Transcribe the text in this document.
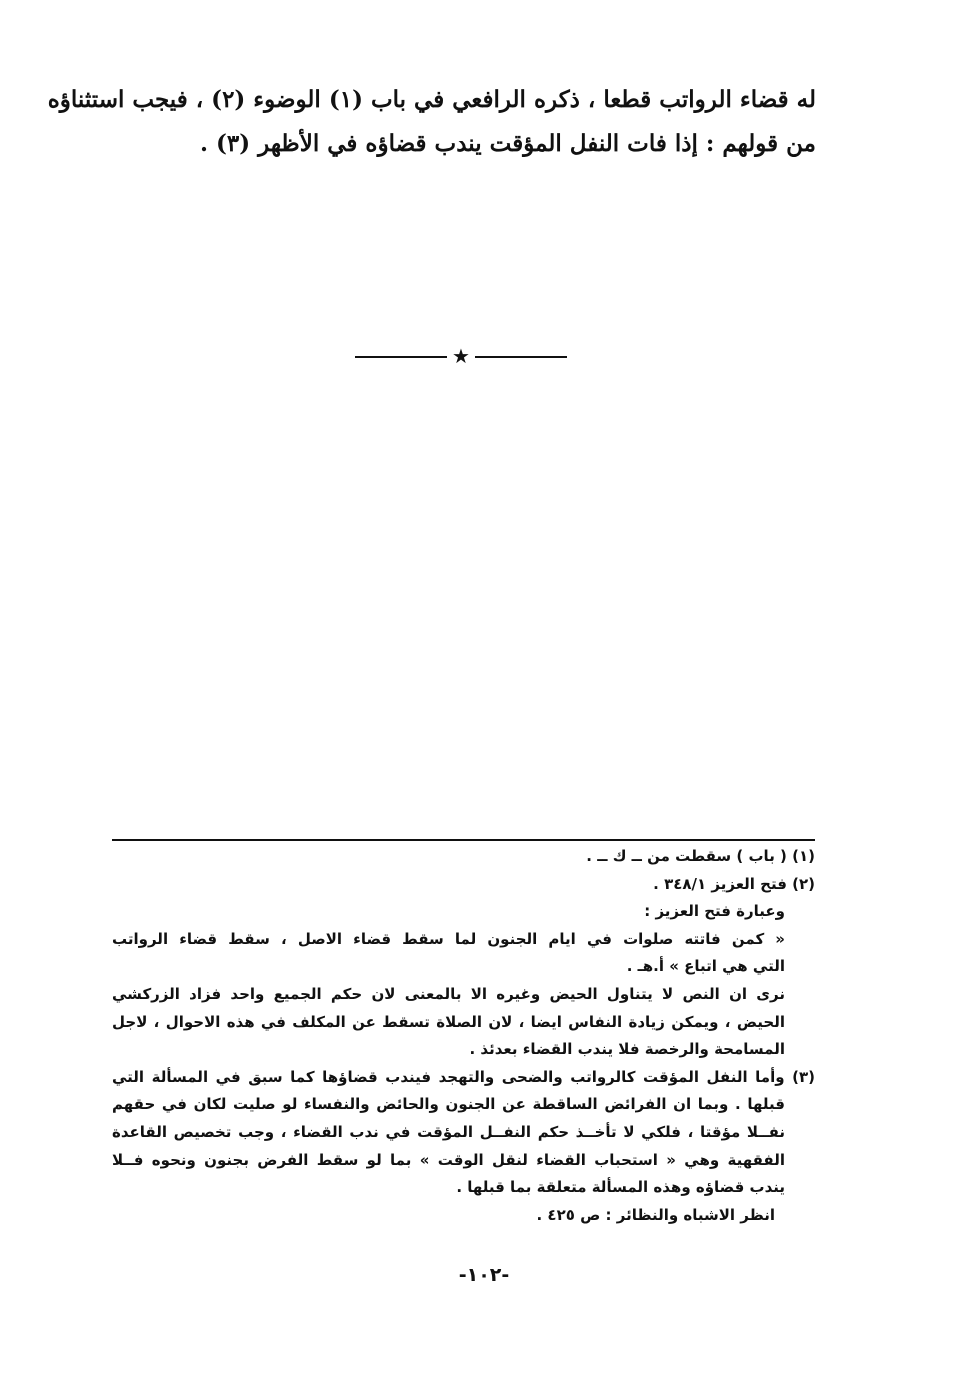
له قضاء الرواتب قطعا ، ذكره الرافعي في باب (١) الوضوء (٢) ، فيجب استثناؤه
من قولهم : إذا فات النفل المؤقت يندب قضاؤه في الأظهر (٣) .
★
(١) ( باب ) سقطت من ــ ك ــ .
(٢) فتح العزيز ٣٤٨/١ .
وعبارة فتح العزيز :
« كمن فاتته صلوات في ايام الجنون لما سقط قضاء الاصل ، سقط قضاء الرواتب
التي هي اتباع » أ.هـ .
نرى ان النص لا يتناول الحيض وغيره الا بالمعنى لان حكم الجميع واحد فزاد الزركشي
الحيض ، ويمكن زيادة النفاس ايضا ، لان الصلاة تسقط عن المكلف في هذه الاحوال ، لاجل
المسامحة والرخصة فلا يندب القضاء بعدئذ .
(٣) وأما النفل المؤقت كالرواتب والضحى والتهجد فيندب قضاؤها كما سبق في المسألة التي
قبلها . وبما ان الفرائض الساقطة عن الجنون والحائض والنفساء لو صليت لكان في حقهم
نفــلا مؤقتا ، فلكي لا تأخــذ حكم النفــل المؤقت في ندب القضاء ، وجب تخصيص القاعدة
الفقهية وهي « استحباب القضاء لنقل الوقت » بما لو سقط الفرض بجنون ونحوه فــلا
يندب قضاؤه وهذه المسألة متعلقة بما قبلها .
انظر الاشباه والنظائر : ص ٤٢٥ .
-١٠٢-
